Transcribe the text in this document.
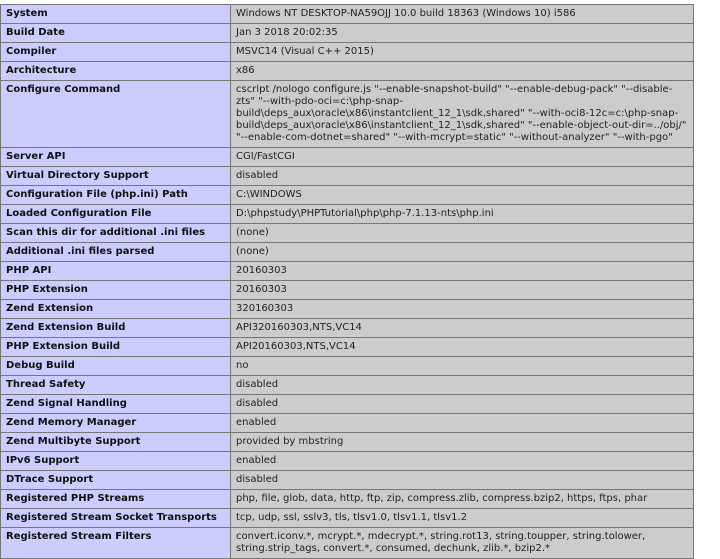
System	Windows NT DESKTOP-NA59OJJ 10.0 build 18363 (Windows 10) i586
Build Date	Jan 3 2018 20:02:35
Compiler	MSVC14 (Visual C++ 2015)
Architecture	x86
Configure Command	cscript /nologo configure.js "--enable-snapshot-build" "--enable-debug-pack" "--disable-zts" "--with-pdo-oci=c:\php-snap-build\deps_aux\oracle\x86\instantclient_12_1\sdk,shared" "--with-oci8-12c=c:\php-snap-build\deps_aux\oracle\x86\instantclient_12_1\sdk,shared" "--enable-object-out-dir=../obj/" "--enable-com-dotnet=shared" "--with-mcrypt=static" "--without-analyzer" "--with-pgo"
Server API	CGI/FastCGI
Virtual Directory Support	disabled
Configuration File (php.ini) Path	C:\WINDOWS
Loaded Configuration File	D:\phpstudy\PHPTutorial\php\php-7.1.13-nts\php.ini
Scan this dir for additional .ini files	(none)
Additional .ini files parsed	(none)
PHP API	20160303
PHP Extension	20160303
Zend Extension	320160303
Zend Extension Build	API320160303,NTS,VC14
PHP Extension Build	API20160303,NTS,VC14
Debug Build	no
Thread Safety	disabled
Zend Signal Handling	disabled
Zend Memory Manager	enabled
Zend Multibyte Support	provided by mbstring
IPv6 Support	enabled
DTrace Support	disabled
Registered PHP Streams	php, file, glob, data, http, ftp, zip, compress.zlib, compress.bzip2, https, ftps, phar
Registered Stream Socket Transports	tcp, udp, ssl, sslv3, tls, tlsv1.0, tlsv1.1, tlsv1.2
Registered Stream Filters	convert.iconv.*, mcrypt.*, mdecrypt.*, string.rot13, string.toupper, string.tolower, string.strip_tags, convert.*, consumed, dechunk, zlib.*, bzip2.*
